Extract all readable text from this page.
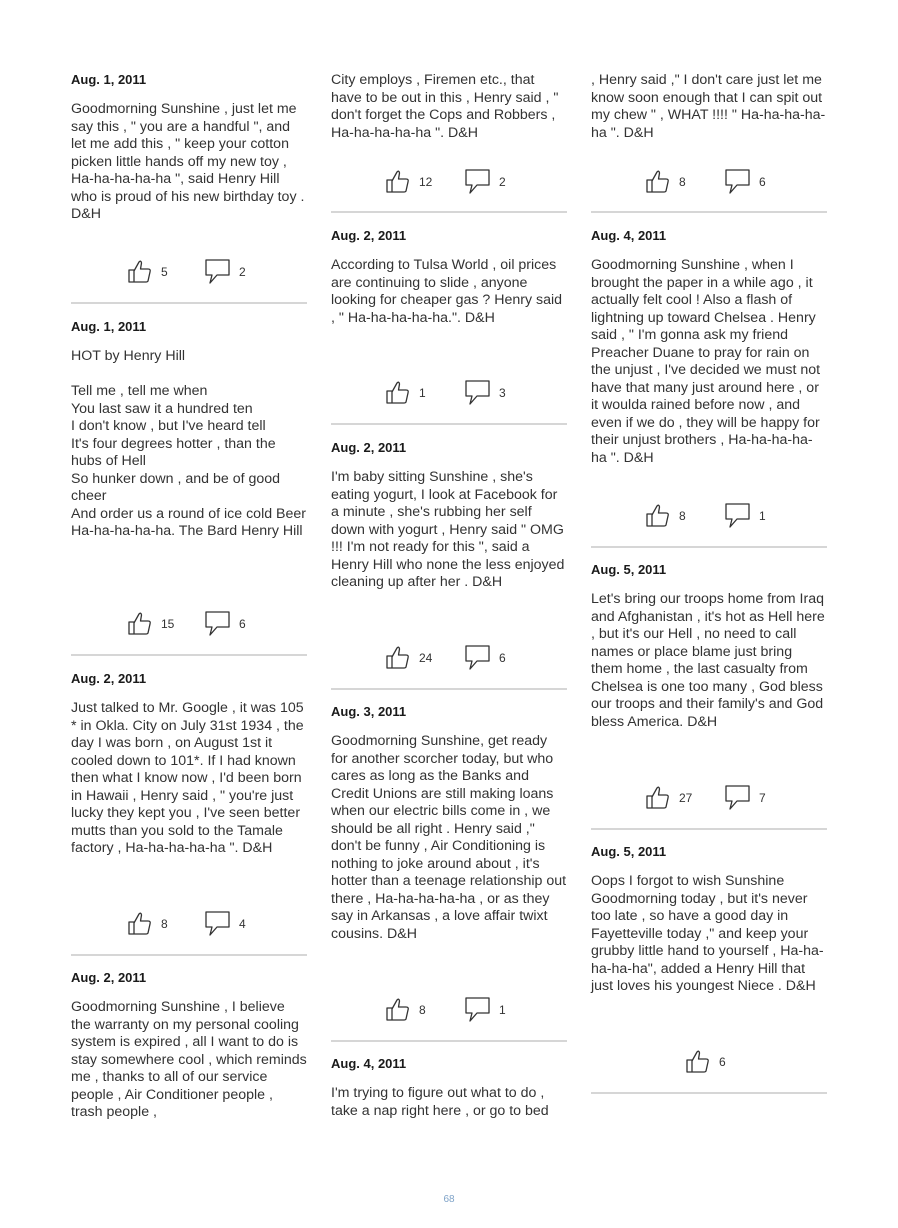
Aug. 1, 2011
Goodmorning Sunshine , just let me say this , " you are a handful ", and let me add this , " keep your cotton picken little hands off my new toy , Ha-ha-ha-ha-ha ", said Henry Hill who is proud of his new birthday toy . D&H
5	2
Aug. 1, 2011
HOT by Henry Hill

Tell me , tell me when
You last saw it a hundred ten
I don't know , but I've heard tell
It's four degrees hotter , than the hubs of Hell
So hunker down , and be of good cheer
And order us a round of ice cold Beer
Ha-ha-ha-ha-ha. The Bard Henry Hill
15	6
Aug. 2, 2011
Just talked to Mr. Google , it was 105 * in Okla. City on July 31st 1934 , the day I was born , on August 1st it cooled down to 101*. If I had known then what I know now , I'd been born in Hawaii , Henry said , " you're just lucky they kept you , I've seen better mutts than you sold to the Tamale factory , Ha-ha-ha-ha-ha ". D&H
8	4
Aug. 2, 2011
Goodmorning Sunshine , I believe the warranty on my personal cooling system is expired , all I want to do is stay somewhere cool , which reminds me , thanks to all of our service people , Air Conditioner people , trash people ,
City employs , Firemen etc., that have to be out in this , Henry said , " don't forget the Cops and Robbers , Ha-ha-ha-ha-ha ". D&H
12	2
Aug. 2, 2011
According to Tulsa World , oil prices are continuing to slide , anyone looking for cheaper gas ? Henry said , " Ha-ha-ha-ha-ha.". D&H
1	3
Aug. 2, 2011
I'm baby sitting Sunshine , she's eating yogurt, I look at Facebook for a minute , she's rubbing her self down with yogurt , Henry said " OMG !!! I'm not ready for this ", said a Henry Hill who none the less enjoyed cleaning up after her . D&H
24	6
Aug. 3, 2011
Goodmorning Sunshine, get ready for another scorcher today, but who cares as long as the Banks and Credit Unions are still making loans when our electric bills come in , we should be all right . Henry said ," don't be funny , Air Conditioning is nothing to joke around about , it's hotter than a teenage relationship out there , Ha-ha-ha-ha-ha , or as they say in Arkansas , a love affair twixt cousins. D&H
8	1
Aug. 4, 2011
I'm trying to figure out what to do , take a nap right here , or go to bed
, Henry said ," I don't care just let me know soon enough that I can spit out my chew " , WHAT !!!! " Ha-ha-ha-ha-ha ". D&H
8	6
Aug. 4, 2011
Goodmorning Sunshine , when I brought the paper in a while ago , it actually felt cool ! Also a flash of lightning up toward Chelsea . Henry said , " I'm gonna ask my friend Preacher Duane to pray for rain on the unjust , I've decided we must not have that many just around here , or it woulda rained before now , and even if we do , they will be happy for their unjust brothers , Ha-ha-ha-ha-ha ". D&H
8	1
Aug. 5, 2011
Let's bring our troops home from Iraq and Afghanistan , it's hot as Hell here , but it's our Hell , no need to call names or place blame just bring them home , the last casualty from Chelsea is one too many , God bless our troops and their family's and God bless America. D&H
27	7
Aug. 5, 2011
Oops I forgot to wish Sunshine Goodmorning today , but it's never too late , so have a good day in Fayetteville today ," and keep your grubby little hand to yourself , Ha-ha-ha-ha-ha", added a Henry Hill that just loves his youngest Niece . D&H
6
68
